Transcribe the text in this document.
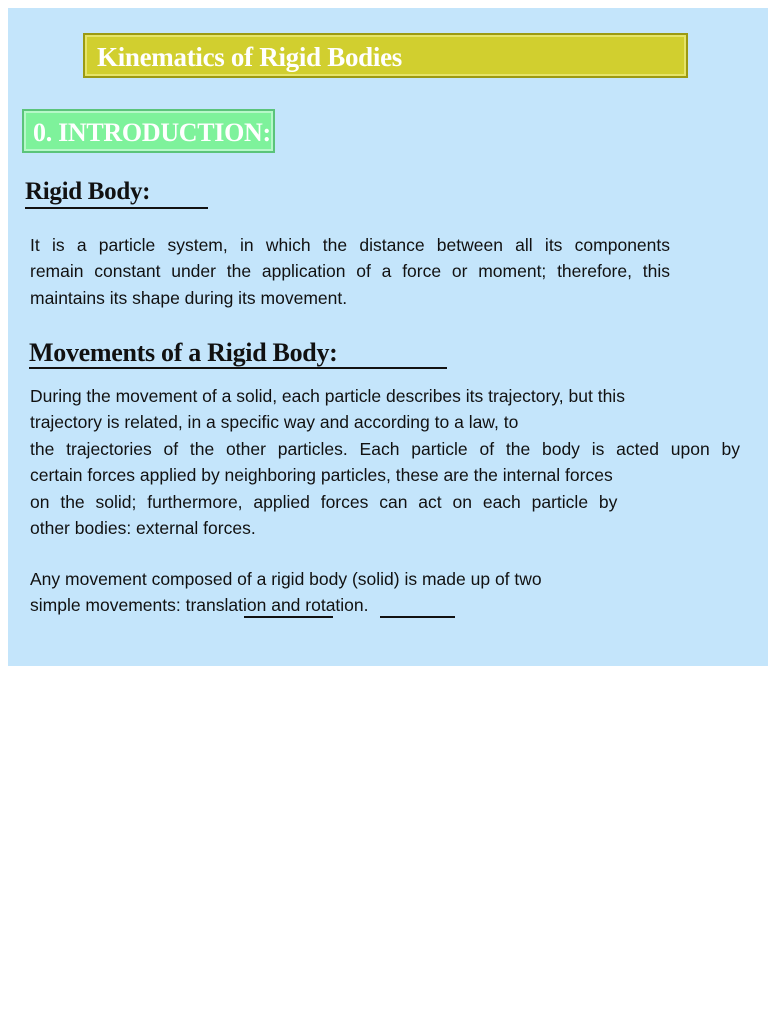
Kinematics of Rigid Bodies
0. INTRODUCTION:
Rigid Body:
It is a particle system, in which the distance between all its components
remain constant under the application of a force or moment; therefore, this
maintains its shape during its movement.
Movements of a Rigid Body:
During the movement of a solid, each particle describes its trajectory, but this
trajectory is related, in a specific way and according to a law, to
the trajectories of the other particles. Each particle of the body is acted upon by
certain forces applied by neighboring particles, these are the internal forces
on the solid; furthermore, applied forces can act on each particle by
other bodies: external forces.
Any movement composed of a rigid body (solid) is made up of two
simple movements: translation and rotation.
